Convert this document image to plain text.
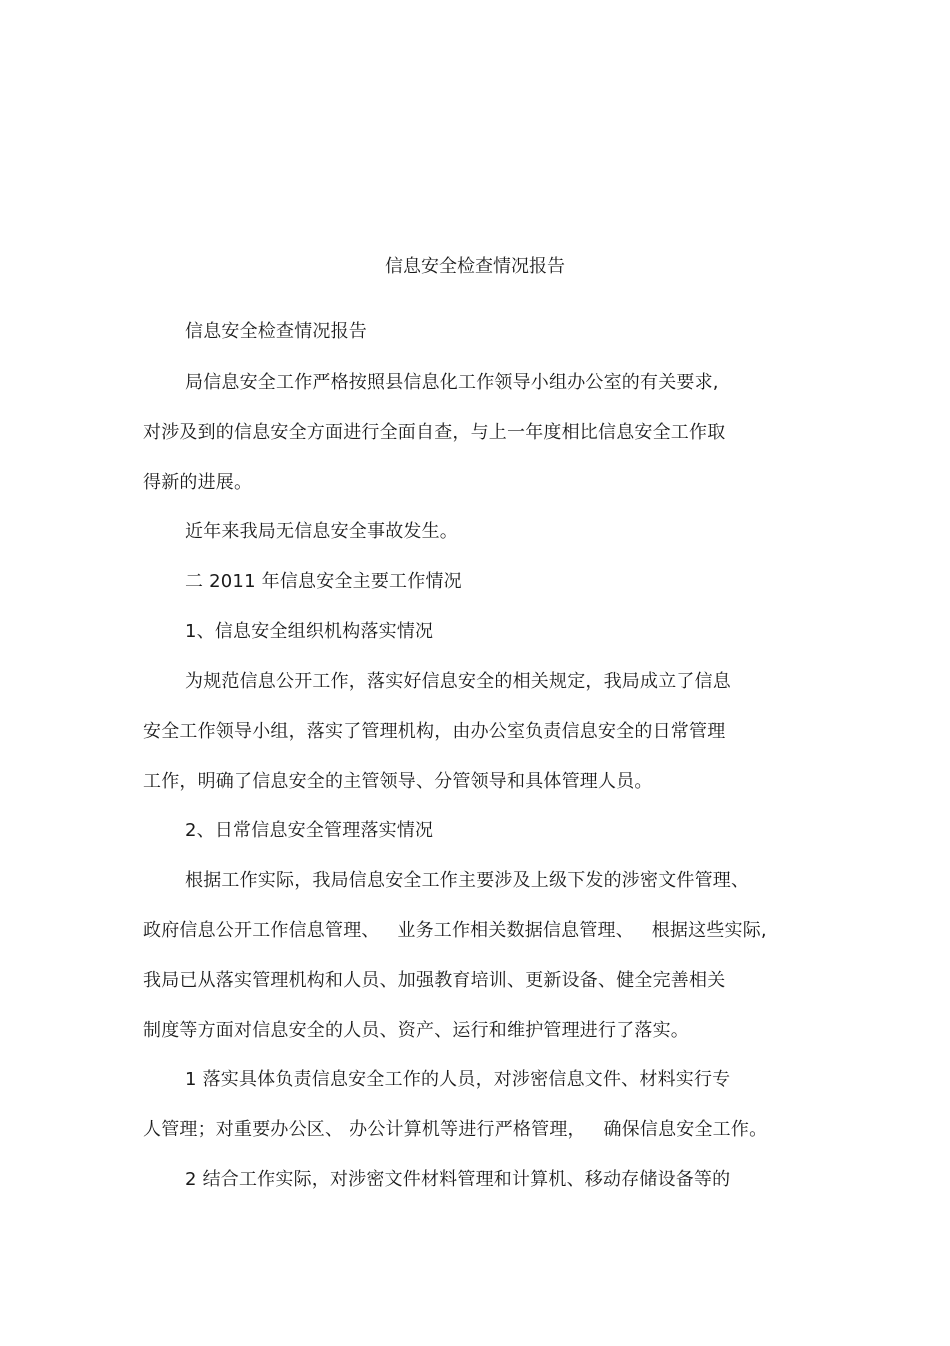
信息安全检查情况报告
信息安全检查情况报告
局信息安全工作严格按照县信息化工作领导小组办公室的有关要求,
对涉及到的信息安全方面进行全面自查，与上一年度相比信息安全工作取
得新的进展。
近年来我局无信息安全事故发生。
二 2011 年信息安全主要工作情况
1、信息安全组织机构落实情况
为规范信息公开工作，落实好信息安全的相关规定，我局成立了信息
安全工作领导小组，落实了管理机构，由办公室负责信息安全的日常管理
工作，明确了信息安全的主管领导、分管领导和具体管理人员。
2、日常信息安全管理落实情况
根据工作实际，我局信息安全工作主要涉及上级下发的涉密文件管理、
政府信息公开工作信息管理、   业务工作相关数据信息管理、   根据这些实际,
我局已从落实管理机构和人员、加强教育培训、更新设备、健全完善相关
制度等方面对信息安全的人员、资产、运行和维护管理进行了落实。
1 落实具体负责信息安全工作的人员，对涉密信息文件、材料实行专
人管理；对重要办公区、 办公计算机等进行严格管理，   确保信息安全工作。
2 结合工作实际，对涉密文件材料管理和计算机、移动存储设备等的
